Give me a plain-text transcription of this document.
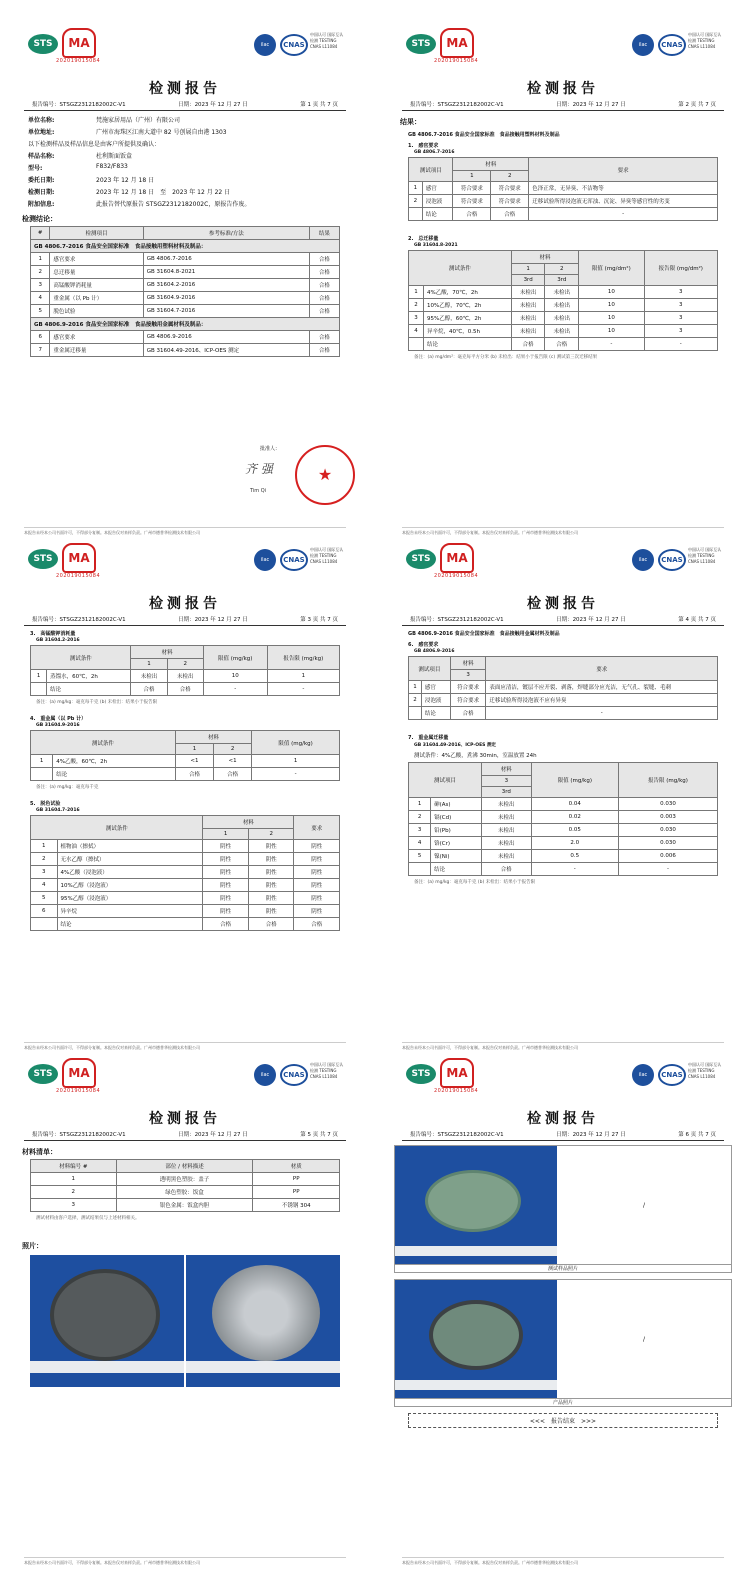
STS	MA
202019015084
ilac	CNAS
中国认可 国际互认 检测 TESTING CNAS L11084
检测报告
报告编号：STSGZ2312182002C-V1	日期：2023 年 12 月 27 日	第 1 页 共 7 页
单位名称:	梵施家居用品（广州）有限公司
单位地址:	广州市海珠区江南大道中 82 号创展自由港 1303
以下检测样品及样品信息是由客户所提供及确认：
样品名称:	杜利斯面饭盒
型号:	F832/F833
委托日期:	2023 年 12 月 18 日
检测日期:	2023 年 12 月 18 日　至　2023 年 12 月 22 日
附加信息:	此报告替代原报告 STSGZ2312182002C，原报告作废。
检测结论：
#	检测项目	参考标准/方法	结果
GB 4806.7-2016 食品安全国家标准　食品接触用塑料材料及制品：			
1	感官要求	GB 4806.7-2016	合格
2	总迁移量	GB 31604.8-2021	合格
3	高锰酸钾消耗量	GB 31604.2-2016	合格
4	重金属（以 Pb 计）	GB 31604.9-2016	合格
5	脱色试验	GB 31604.7-2016	合格
GB 4806.9-2016 食品安全国家标准　食品接触用金属材料及制品：			
6	感官要求	GB 4806.9-2016	合格
7	重金属迁移量	GB 31604.49-2016、ICP-OES 测定	合格
批准人：
齐 强
Tim Qi
★
本报告未经本公司书面许可，不得部分复制。本报告仅对来样负责。广州市德普华检测技术有限公司
STS	MA
202019015084
ilac	CNAS
中国认可 国际互认 检测 TESTING CNAS L11084
检测报告
报告编号：STSGZ2312182002C-V1	日期：2023 年 12 月 27 日	第 2 页 共 7 页
结果：
GB 4806.7-2016 食品安全国家标准　食品接触用塑料材料及制品
1.　感官要求
GB 4806.7-2016
测试项目		材料		要求
		1	2	
1	感官	符合要求	符合要求	色泽正常，无异臭、不洁物等
2	浸泡液	符合要求	符合要求	迁移试验所得浸泡液无浑浊、沉淀、异臭等感官性的劣变
	结论	合格	合格	-
2.　总迁移量
GB 31604.8-2021
测试条件		材料		限值 (mg/dm²)	报告限 (mg/dm²)
		1	2		
		3rd	3rd		
1	4%乙酸，70℃，2h	未检出	未检出	10	3
2	10%乙醇，70℃，2h	未检出	未检出	10	3
3	95%乙醇，60℃，2h	未检出	未检出	10	3
4	异辛烷，40℃，0.5h	未检出	未检出	10	3
	结论	合格	合格	-	-
备注：(a) mg/dm²：毫克每平方分米 (b) 未检出：结果小于报告限 (c) 测试第三次迁移结果
本报告未经本公司书面许可，不得部分复制。本报告仅对来样负责。广州市德普华检测技术有限公司
STS	MA
202019015084
ilac	CNAS
中国认可 国际互认 检测 TESTING CNAS L11084
检测报告
报告编号：STSGZ2312182002C-V1	日期：2023 年 12 月 27 日	第 3 页 共 7 页
3.　高锰酸钾消耗量
GB 31604.2-2016
测试条件		材料		限值 (mg/kg)	报告限 (mg/kg)
		1	2		
1	蒸馏水，60℃，2h	未检出	未检出	10	1
	结论	合格	合格	-	-
备注：(a) mg/kg：毫克每千克 (b) 未检出：结果小于报告限
4.　重金属（以 Pb 计）
GB 31604.9-2016
测试条件		材料		限值 (mg/kg)
		1	2	
1	4%乙酸，60℃，2h	<1	<1	1
	结论	合格	合格	-
备注：(a) mg/kg：毫克每千克
5.　脱色试验
GB 31604.7-2016
测试条件		材料		要求
		1	2	
1	植物油（擦拭）	阴性	阴性	阴性
2	无水乙醇（擦拭）	阴性	阴性	阴性
3	4%乙酸（浸泡液）	阴性	阴性	阴性
4	10%乙醇（浸泡液）	阴性	阴性	阴性
5	95%乙醇（浸泡液）	阴性	阴性	阴性
6	异辛烷	阴性	阴性	阴性
	结论	合格	合格	合格
本报告未经本公司书面许可，不得部分复制。本报告仅对来样负责。广州市德普华检测技术有限公司
STS	MA
202019015084
ilac	CNAS
中国认可 国际互认 检测 TESTING CNAS L11084
检测报告
报告编号：STSGZ2312182002C-V1	日期：2023 年 12 月 27 日	第 4 页 共 7 页
GB 4806.9-2016 食品安全国家标准　食品接触用金属材料及制品
6.　感官要求
GB 4806.9-2016
测试项目		材料	要求
		3	
1	感官	符合要求	表面应清洁，镀层不应开裂、剥落，焊缝部分应光洁，无气孔、裂缝、毛刺
2	浸泡液	符合要求	迁移试验所得浸泡液不应有异臭
	结论	合格	-
7.　重金属迁移量
GB 31604.49-2016、ICP-OES 测定
测试条件：4%乙酸，煮沸 30min，室温放置 24h
测试项目		材料	限值 (mg/kg)	报告限 (mg/kg)
		3		
		3rd		
1	砷(As)	未检出	0.04	0.030
2	镉(Cd)	未检出	0.02	0.003
3	铅(Pb)	未检出	0.05	0.030
4	铬(Cr)	未检出	2.0	0.030
5	镍(Ni)	未检出	0.5	0.006
	结论	合格	-	-
备注：(a) mg/kg：毫克每千克 (b) 未检出：结果小于报告限
本报告未经本公司书面许可，不得部分复制。本报告仅对来样负责。广州市德普华检测技术有限公司
STS	MA
202019015084
ilac	CNAS
中国认可 国际互认 检测 TESTING CNAS L11084
检测报告
报告编号：STSGZ2312182002C-V1	日期：2023 年 12 月 27 日	第 5 页 共 7 页
材料清单：
材料编号 #	部位 / 材料描述	材质
1	透明黑色塑胶：盖子	PP
2	绿色塑胶：饭盒	PP
3	银色金属：饭盒内胆	不锈钢 304
测试材料由客户选择，测试结果仅与上述材料相关。
照片：
本报告未经本公司书面许可，不得部分复制。本报告仅对来样负责。广州市德普华检测技术有限公司
STS	MA
202019015084
ilac	CNAS
中国认可 国际互认 检测 TESTING CNAS L11084
检测报告
报告编号：STSGZ2312182002C-V1	日期：2023 年 12 月 27 日	第 6 页 共 7 页
/
测试样品照片
/
产品照片
<<<　报告结束　>>>
本报告未经本公司书面许可，不得部分复制。本报告仅对来样负责。广州市德普华检测技术有限公司
